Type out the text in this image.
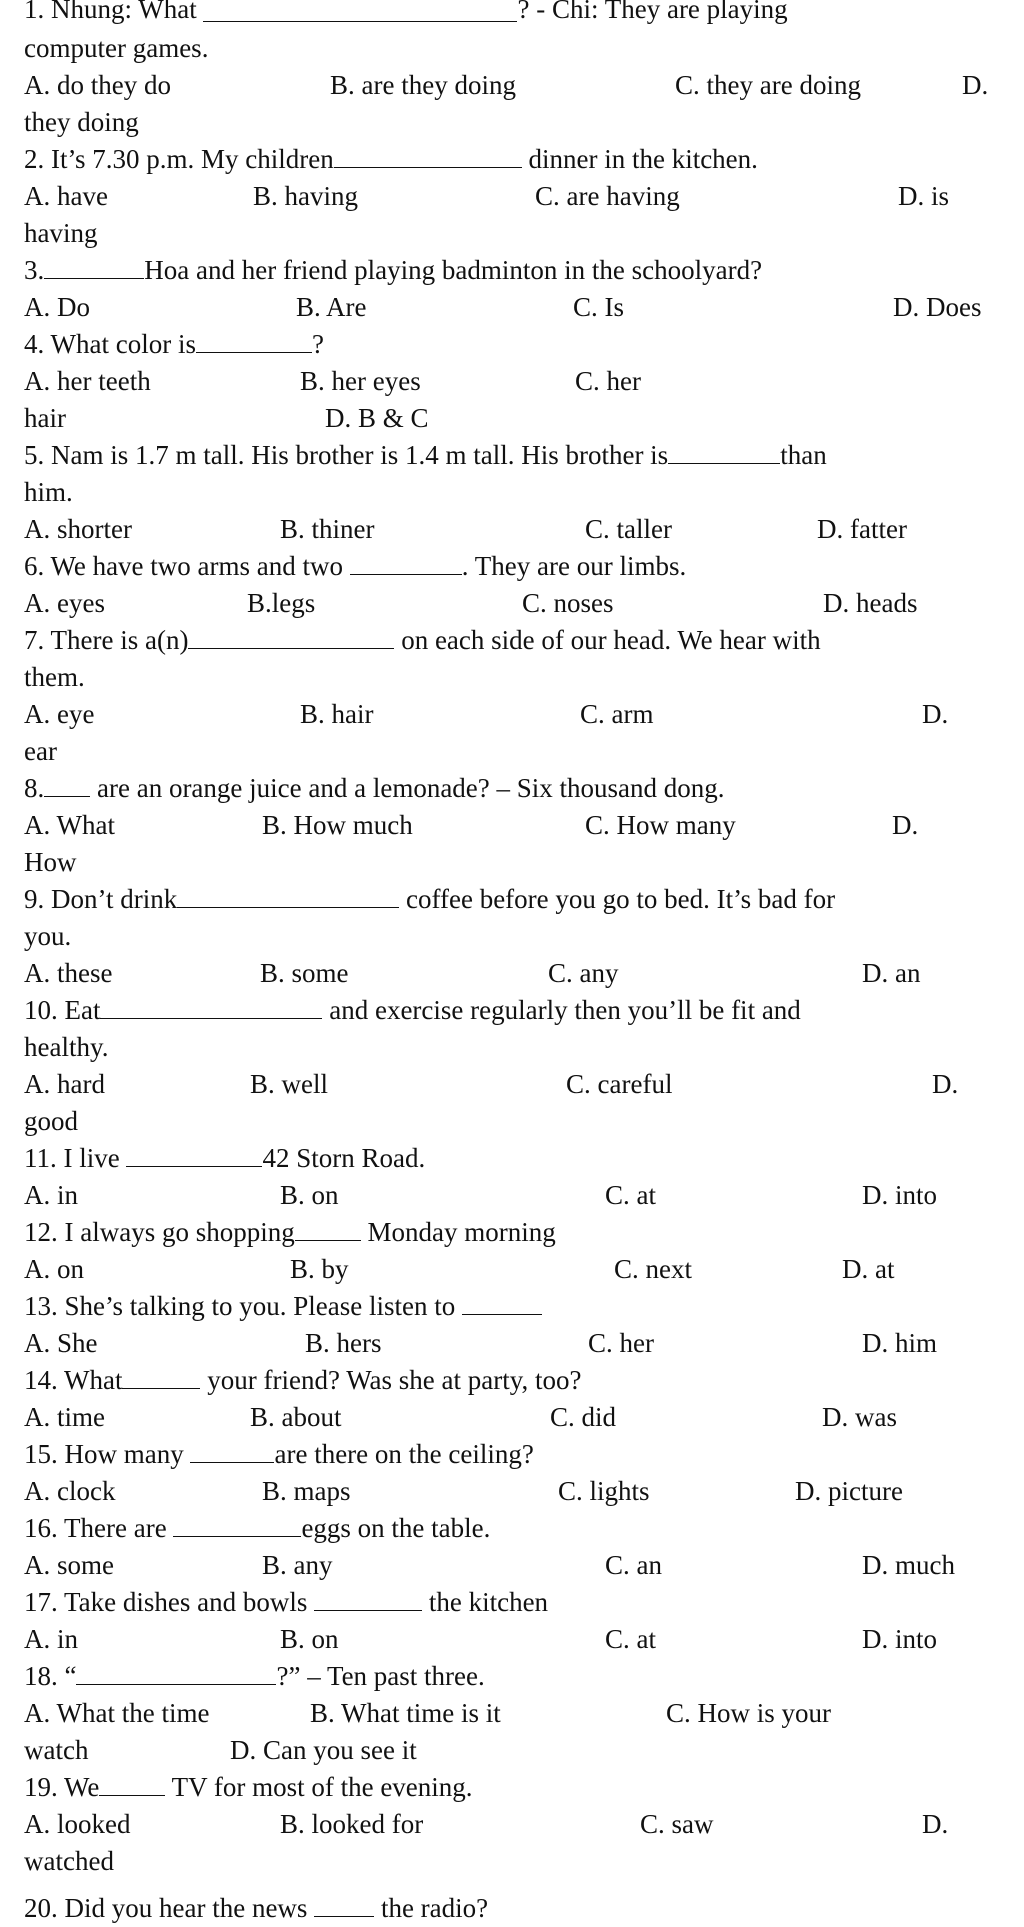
1. Nhung: What	? - Chi: They are playing
computer games.
A. do they do	B. are they doing	C. they are doing	D.
they doing
2. It’s 7.30 p.m. My children	dinner in the kitchen.
A. have	B. having	C. are having	D. is
having
3.	Hoa and her friend playing badminton in the schoolyard?
A. Do	B. Are	C. Is	D. Does
4. What color is	?
A. her teeth	B. her eyes	C. her
hair	D. B & C
5. Nam is 1.7 m tall. His brother is 1.4 m tall. His brother is	than
him.
A. shorter	B. thiner	C. taller	D. fatter
6. We have two arms and two	. They are our limbs.
A. eyes	B.legs	C. noses	D. heads
7. There is a(n)	on each side of our head. We hear with
them.
A. eye	B. hair	C. arm	D.
ear
8. are an orange juice and a lemonade? – Six thousand dong.
A. What	B. How much	C. How many	D.
How
9. Don’t drink	coffee before you go to bed. It’s bad for
you.
A. these	B. some	C. any	D. an
10. Eat	and exercise regularly then you’ll be fit and
healthy.
A. hard	B. well	C. careful	D.
good
11. I live	42 Storn Road.
A. in	B. on	C. at	D. into
12. I always go shopping	Monday morning
A. on	B. by	C. next	D. at
13. She’s talking to you. Please listen to
A. She	B. hers	C. her	D. him
14. What	your friend? Was she at party, too?
A. time	B. about	C. did	D. was
15. How many	are there on the ceiling?
A. clock	B. maps	C. lights	D. picture
16. There are	eggs on the table.
A. some	B. any	C. an	D. much
17. Take dishes and bowls	the kitchen
A. in	B. on	C. at	D. into
18. “	?” – Ten past three.
A. What the time	B. What time is it	C. How is your
watch	D. Can you see it
19. We	TV for most of the evening.
A. looked	B. looked for	C. saw	D.
watched
20. Did you hear the news	the radio?
